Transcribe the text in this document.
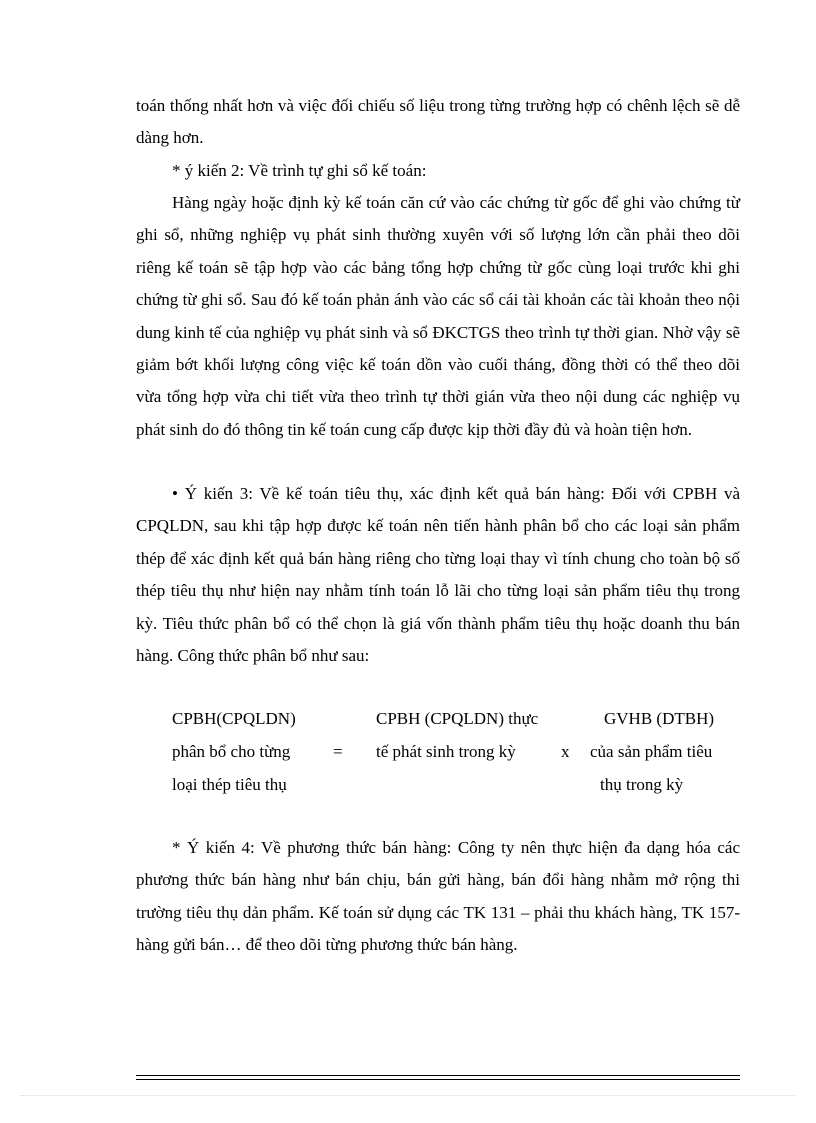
toán thống nhất hơn và việc đối chiếu số liệu trong từng trường hợp có chênh lệch sẽ dễ dàng hơn.

* ý kiến 2: Về trình tự ghi sổ kế toán:

Hàng ngày hoặc định kỳ kế toán căn cứ vào các chứng từ gốc để ghi vào chứng từ ghi sổ, những nghiệp vụ phát sinh thường xuyên với số lượng lớn cần phải theo dõi riêng kế toán sẽ tập hợp vào các bảng tổng hợp chứng từ gốc cùng loại trước khi ghi chứng từ ghi sổ. Sau đó kế toán phản ánh vào các sổ cái tài khoản các tài khoản theo nội dung kinh tế của nghiệp vụ phát sinh và sổ ĐKCTGS theo trình tự thời gian. Nhờ vậy sẽ giảm bớt khối lượng công việc kế toán dồn vào cuối tháng, đồng thời có thể theo dõi vừa tổng hợp vừa chi tiết vừa theo trình tự thời gián vừa theo nội dung các nghiệp vụ phát sinh do đó thông tin kế toán cung cấp được kịp thời đầy đủ và hoàn tiện hơn.

• Ý kiến 3: Về kế toán tiêu thụ, xác định kết quả bán hàng: Đối với CPBH và CPQLDN, sau khi tập hợp được kế toán nên tiến hành phân bổ cho các loại sản phẩm thép để xác định kết quả bán hàng riêng cho từng loại thay vì tính chung cho toàn bộ số thép tiêu thụ như hiện nay nhằm tính toán lỗ lãi cho từng loại sản phẩm tiêu thụ trong kỳ. Tiêu thức phân bổ có thể chọn là giá vốn thành phẩm tiêu thụ hoặc doanh thu bán hàng. Công thức phân bổ như sau:

CPBH(CPQLDN)
phân bổ cho từng
loại thép tiêu thụ
=
CPBH (CPQLDN) thực
tế phát sinh trong kỳ	x
GVHB (DTBH)
của sản phẩm tiêu
thụ trong kỳ

* Ý kiến 4: Về phương thức bán hàng: Công ty nên thực hiện đa dạng hóa các phương thức bán hàng như bán chịu, bán gửi hàng, bán đổi hàng nhằm mở rộng thi trường tiêu thụ dản phẩm. Kế toán sử dụng các TK 131 – phải thu khách hàng, TK 157- hàng gửi bán… để theo dõi từng phương thức bán hàng.
